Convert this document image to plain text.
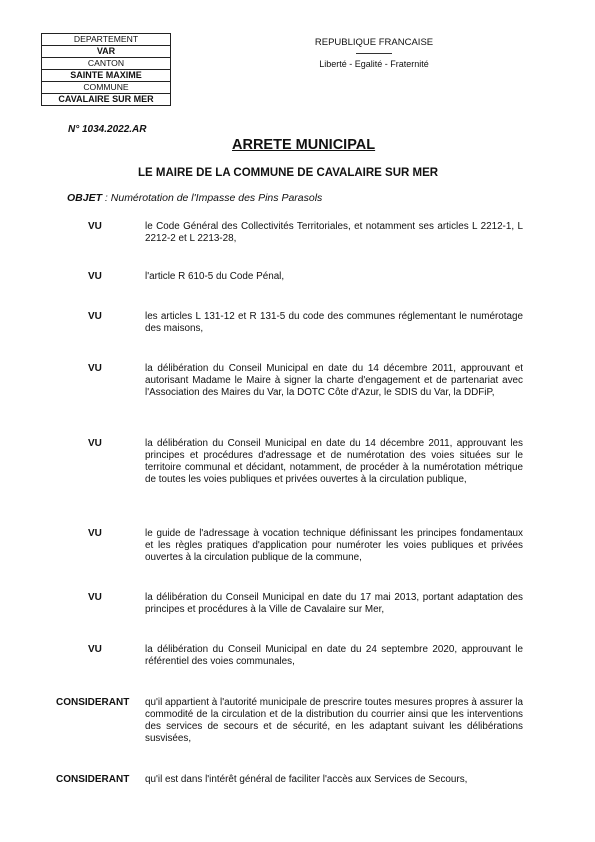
DEPARTEMENT
VAR
CANTON
SAINTE MAXIME
COMMUNE
CAVALAIRE SUR MER
REPUBLIQUE FRANCAISE
Liberté - Egalité - Fraternité
N° 1034.2022.AR
ARRETE MUNICIPAL
LE MAIRE DE LA COMMUNE DE CAVALAIRE SUR MER
OBJET : Numérotation de l'Impasse des Pins Parasols
VU	le Code Général des Collectivités Territoriales, et notamment ses articles L 2212-1, L 2212-2 et L 2213-28,
VU	l'article R 610-5 du Code Pénal,
VU	les articles L 131-12 et R 131-5 du code des communes réglementant le numérotage des maisons,
VU	la délibération du Conseil Municipal en date du 14 décembre 2011, approuvant et autorisant Madame le Maire à signer la charte d'engagement et de partenariat avec l'Association des Maires du Var, la DOTC Côte d'Azur, le SDIS du Var, la DDFiP,
VU	la délibération du Conseil Municipal en date du 14 décembre 2011, approuvant les principes et procédures d'adressage et de numérotation des voies situées sur le territoire communal et décidant, notamment, de procéder à la numérotation métrique de toutes les voies publiques et privées ouvertes à la circulation publique,
VU	le guide de l'adressage à vocation technique définissant les principes fondamentaux et les règles pratiques d'application pour numéroter les voies publiques et privées ouvertes à la circulation publique de la commune,
VU	la délibération du Conseil Municipal en date du 17 mai 2013, portant adaptation des principes et procédures à la Ville de Cavalaire sur Mer,
VU	la délibération du Conseil Municipal en date du 24 septembre 2020, approuvant le référentiel des voies communales,
CONSIDERANT qu'il appartient à l'autorité municipale de prescrire toutes mesures propres à assurer la commodité de la circulation et de la distribution du courrier ainsi que les interventions des services de secours et de sécurité, en les adaptant suivant les délibérations susvisées,
CONSIDERANT qu'il est dans l'intérêt général de faciliter l'accès aux Services de Secours,
